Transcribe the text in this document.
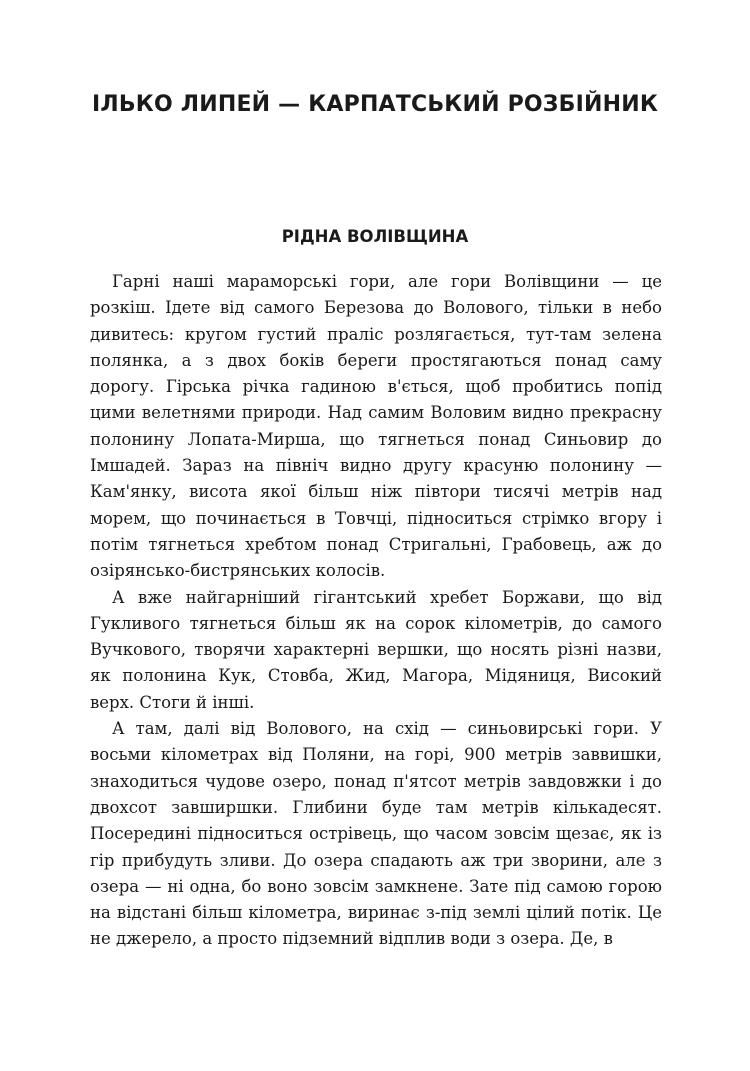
ІЛЬКО ЛИПЕЙ — КАРПАТСЬКИЙ РОЗБІЙНИК
РІДНА ВОЛІВЩИНА

Гарні наші мараморські гори, але гори Волівщини — це розкіш. Ідете від самого Березова до Волового, тільки в небо дивитесь: кругом густий праліс розлягається, тут-там зелена полянка, а з двох боків береги простягаються понад саму дорогу. Гірська річка гадиною в'ється, щоб пробитись попід цими велетнями природи. Над самим Воловим видно прекрасну полонину Лопата-Мирша, що тягнеться понад Синьовир до Імшадей. Зараз на північ видно другу красуню полонину — Кам'янку, висота якої більш ніж півтори тисячі метрів над морем, що починається в Товчці, підноситься стрімко вгору і потім тягнеться хребтом понад Стригальні, Грабовець, аж до озірянсько-бистрянських колосів.

А вже найгарніший гігантський хребет Боржави, що від Гукливого тягнеться більш як на сорок кілометрів, до самого Вучкового, творячи характерні вершки, що носять різні назви, як полонина Кук, Стовба, Жид, Магора, Мідяниця, Високий верх. Стоги й інші.

А там, далі від Волового, на схід — синьовирські гори. У восьми кілометрах від Поляни, на горі, 900 метрів заввишки, знаходиться чудове озеро, понад п'ятсот метрів завдовжки і до двохсот завширшки. Глибини буде там метрів кількадесят. Посередині підноситься острівець, що часом зовсім щезає, як із гір прибудуть зливи. До озера спадають аж три зворини, але з озера — ні одна, бо воно зовсім замкнене. Зате під самою горою на відстані більш кілометра, виринає з-під землі цілий потік. Це не джерело, а просто підземний відплив води з озера. Де, в
